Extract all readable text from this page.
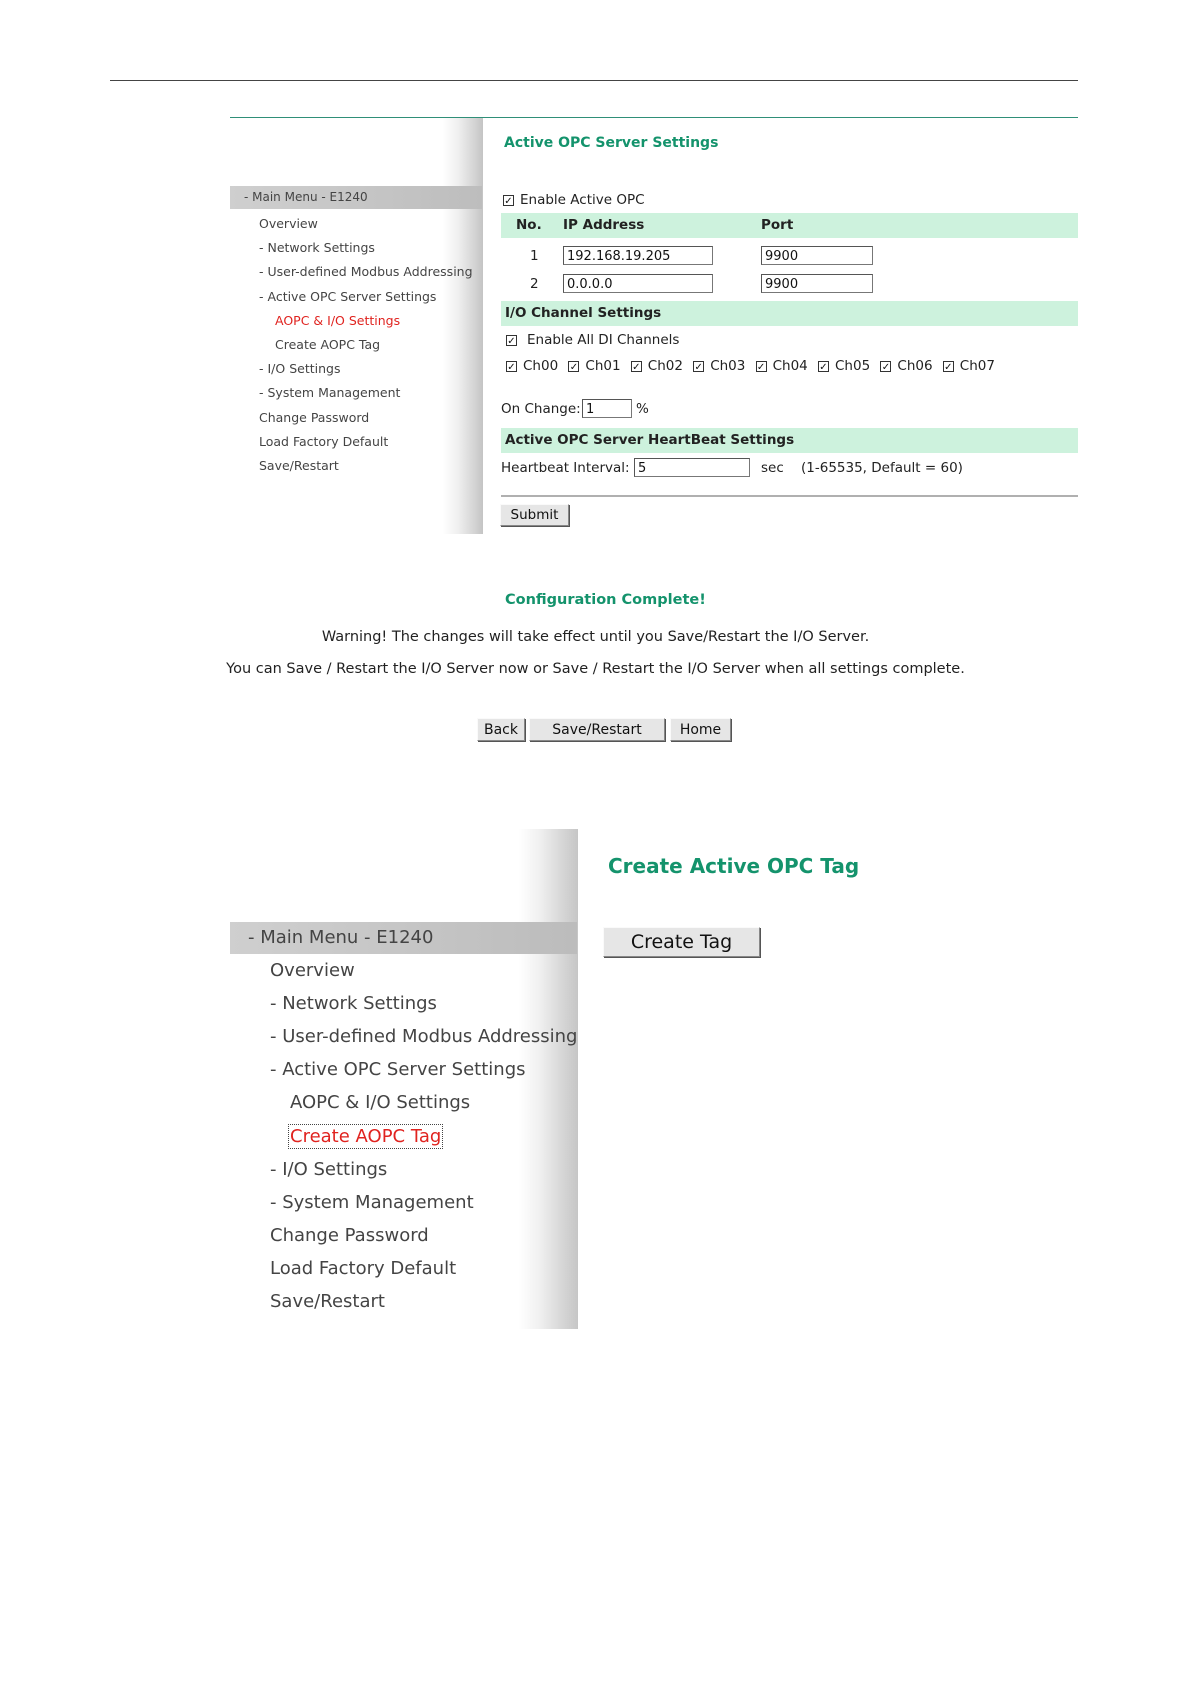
- Main Menu - E1240
Overview
- Network Settings
- User-defined Modbus Addressing
- Active OPC Server Settings
AOPC & I/O Settings
Create AOPC Tag
- I/O Settings
- System Management
Change Password
Load Factory Default
Save/Restart
Active OPC Server Settings
✓ Enable Active OPC
No. IP Address	Port
1	192.168.19.205	9900
2	0.0.0.0	9900
I/O Channel Settings
✓ Enable All DI Channels
✓ Ch00 ✓ Ch01 ✓ Ch02 ✓ Ch03 ✓ Ch04 ✓ Ch05 ✓ Ch06 ✓ Ch07
On Change: 1	%
Active OPC Server HeartBeat Settings
Heartbeat Interval: 5	sec (1-65535, Default = 60)
Submit
Configuration Complete!
Warning! The changes will take effect until you Save/Restart the I/O Server.
You can Save / Restart the I/O Server now or Save / Restart the I/O Server when all settings complete.
Back	Save/Restart	Home
- Main Menu - E1240
Overview
- Network Settings
- User-defined Modbus Addressing
- Active OPC Server Settings
AOPC & I/O Settings
Create AOPC Tag
- I/O Settings
- System Management
Change Password
Load Factory Default
Save/Restart
Create Active OPC Tag
Create Tag
